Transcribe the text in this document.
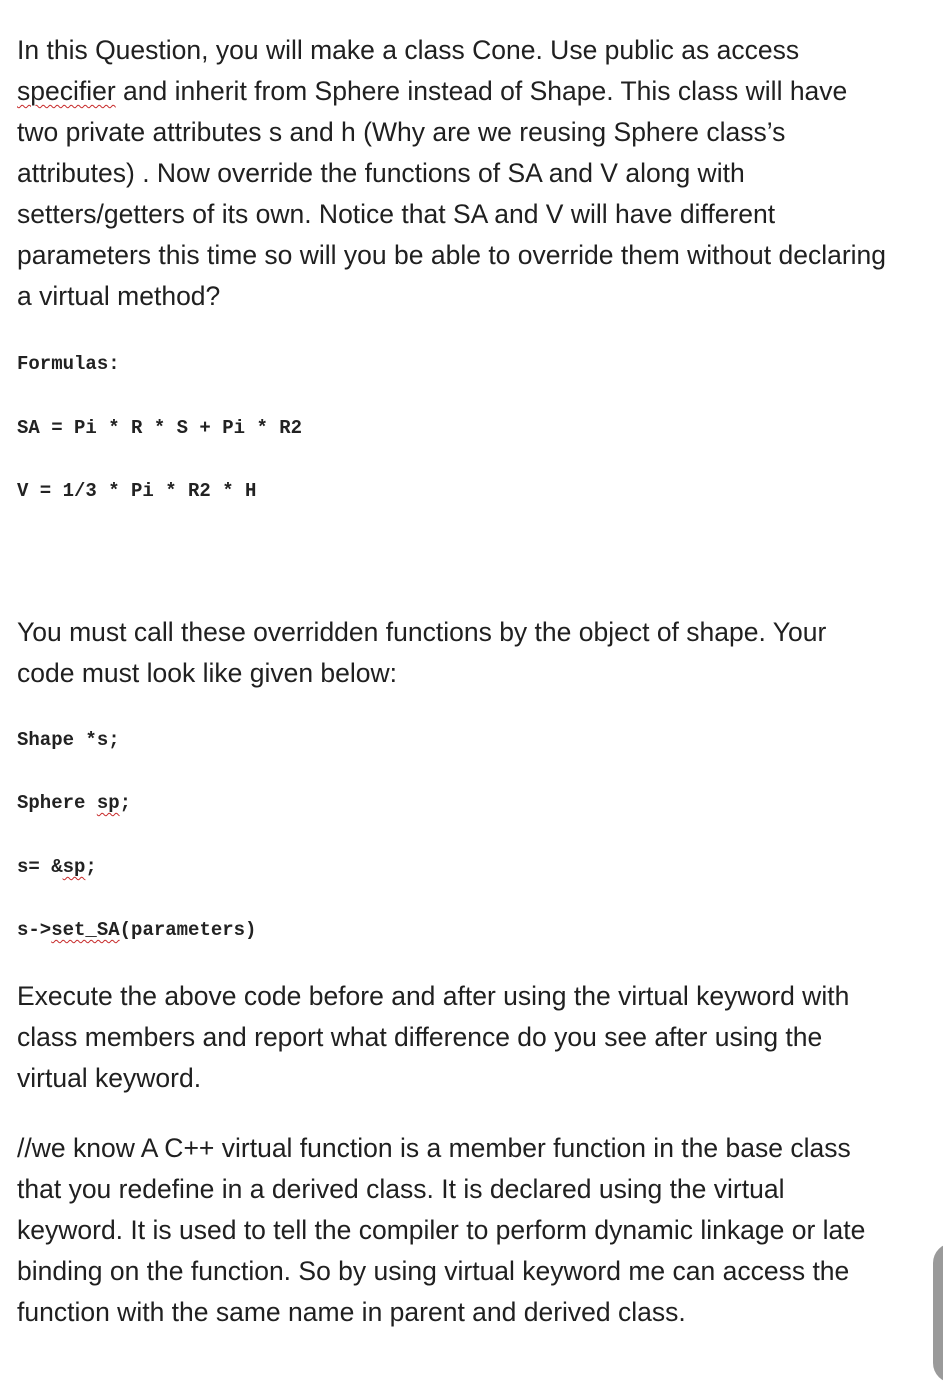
In this Question, you will make a class Cone. Use public as access
specifier and inherit from Sphere instead of Shape. This class will have
two private attributes s and h (Why are we reusing Sphere class’s
attributes) . Now override the functions of SA and V along with
setters/getters of its own. Notice that SA and V will have different
parameters this time so will you be able to override them without declaring
a virtual method?
Formulas:
SA = Pi * R * S + Pi * R2
V = 1/3 * Pi * R2 * H
You must call these overridden functions by the object of shape. Your
code must look like given below:
Shape *s;
Sphere sp;
s= &sp;
s->set_SA(parameters)
Execute the above code before and after using the virtual keyword with
class members and report what difference do you see after using the
virtual keyword.
//we know A C++ virtual function is a member function in the base class
that you redefine in a derived class. It is declared using the virtual
keyword. It is used to tell the compiler to perform dynamic linkage or late
binding on the function. So by using virtual keyword me can access the
function with the same name in parent and derived class.
